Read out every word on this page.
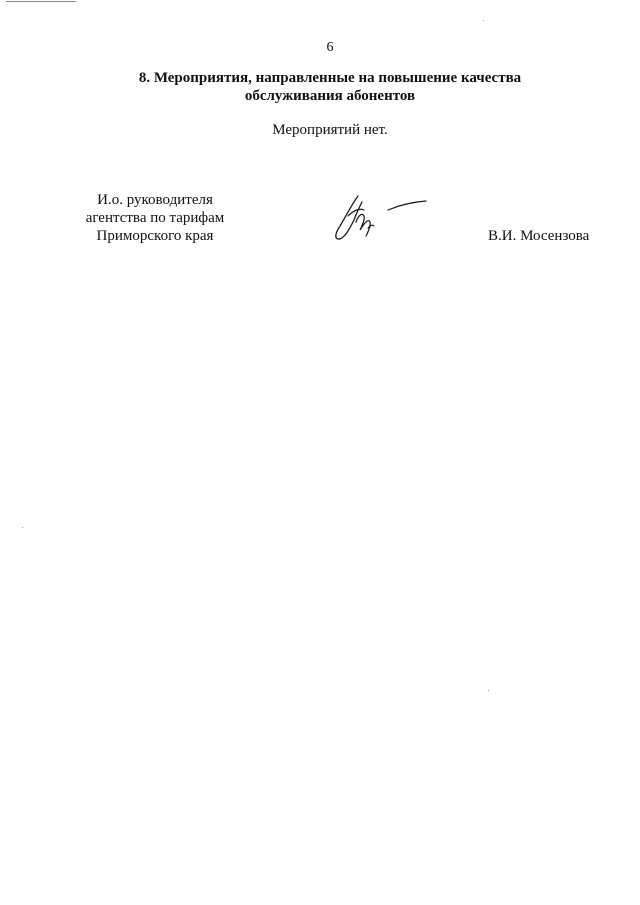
6
8. Мероприятия, направленные на повышение качества
обслуживания абонентов
Мероприятий нет.
И.о. руководителя
агентства по тарифам
Приморского края	В.И. Мосензова
